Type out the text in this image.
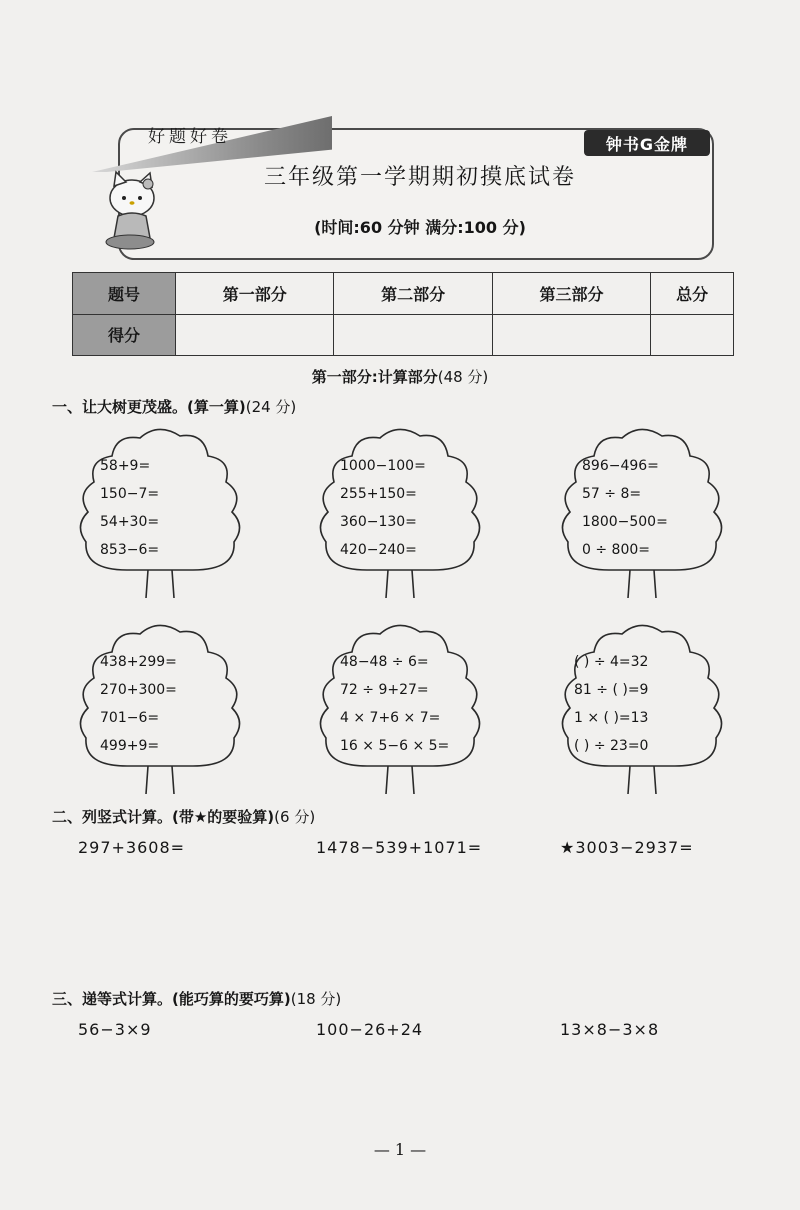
好题好卷	钟书G金牌
三年级第一学期期初摸底试卷
(时间:60 分钟 满分:100 分)
题号	第一部分	第二部分	第三部分	总分
得分				
第一部分:计算部分(48 分)
一、让大树更茂盛。(算一算)(24 分)
58+9=
150−7=
54+30=
853−6=
1000−100=
255+150=
360−130=
420−240=
896−496=
57 ÷ 8=
1800−500=
0 ÷ 800=
438+299=
270+300=
701−6=
499+9=
48−48 ÷ 6=
72 ÷ 9+27=
4 × 7+6 × 7=
16 × 5−6 × 5=
( ) ÷ 4=32
81 ÷ ( )=9
1 × ( )=13
( ) ÷ 23=0
二、列竖式计算。(带★的要验算)(6 分)
297+3608=	1478−539+1071=	★3003−2937=
三、递等式计算。(能巧算的要巧算)(18 分)
56−3×9	100−26+24	13×8−3×8
— 1 —
